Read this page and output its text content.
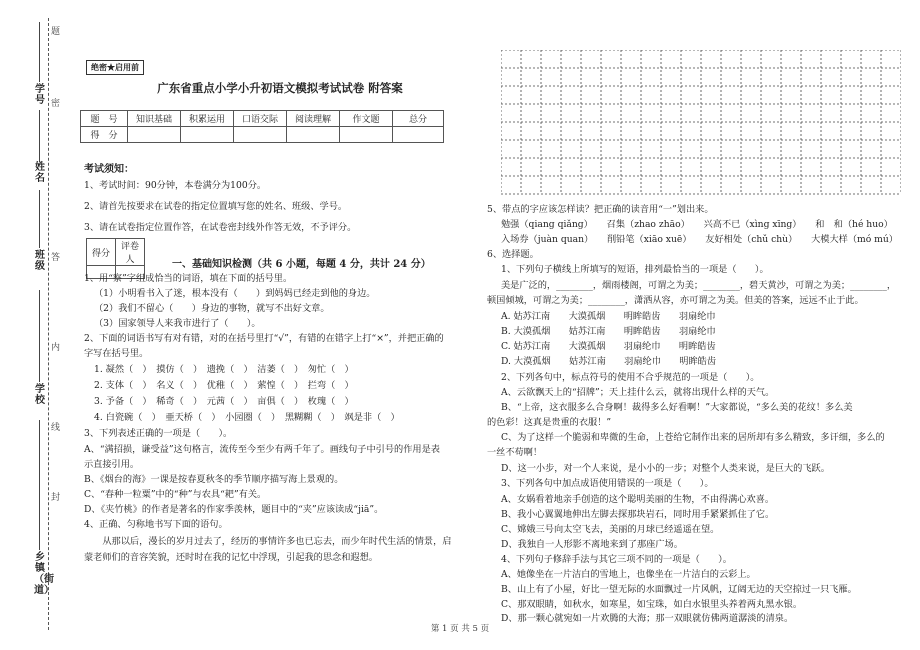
题
学号
姓名
班级
学校
乡镇（街道）
密
答
内
线
封
绝密★启用前
广东省重点小学小升初语文模拟考试试卷 附答案
题　号	知识基础	积累运用	口语交际	阅读理解	作文题	总分
得　分						
考试须知：
1、考试时间：90分钟，本卷满分为100分。
2、请首先按要求在试卷的指定位置填写您的姓名、班级、学号。
3、请在试卷指定位置作答，在试卷密封线外作答无效，不予评分。
得分	评卷人
		一、基础知识检测（共 6 小题，每题 4 分，共计 24 分）
1、用“察”字组成恰当的词语，填在下面的括号里。
（1）小明看书入了迷，根本没有（　　）到妈妈已经走到他的身边。
（2）我们不留心（　　）身边的事物，就写不出好文章。
（3）国家领导人来我市进行了（　　）。
2、下面的词语书写有对有错，对的在括号里打“√”，有错的在错字上打“×”，并把正确的
字写在括号里。
1. 凝然（　）　摸仿（　）　遗挽（　）　洁萎（　）　匆忙（　）
2. 支体（　）　名义（　）　优稚（　）　萦惶（　）　拦弯（　）
3. 予备（　）　稀奇（　）　元茜（　）　亩俱（　）　枚瑰（　）
4. 白瓷碗（　）　亜天桥（　）　小园圈（　）　黑糊糊（　）　飒是非（　）
3、下列表述正确的一项是（　　）。
A、“满招损，谦受益”这句格言，流传至今至少有两千年了。画线句子中引号的作用是表
示直接引用。
B、《烟台的海》一课是按春夏秋冬的季节顺序描写海上景观的。
C、“春种一粒粟”中的“种”与农具“耙”有关。
D、《夹竹桃》的作者是著名的作家季羡林，题目中的“夹”应该读成“jiā”。
4、正确、匀称地书写下面的语句。
　　从那以后，漫长的岁月过去了，经历的事情许多也已忘去，而少年时代生活的情景，启
蒙老师们的音容笑貌，还时时在我的记忆中浮现，引起我的思念和遐想。
5、带点的字应该怎样读？把正确的读音用“一”划出来。
勉强（qiang qiǎng）　　召集（zhao zhāo）　　兴高不已（xìng xīng）　　和　和（hé huo）
入场券（juàn quan）　　削铅笔（xiāo xuē）　　友好相处（chǔ chù）　　大模大样（mó mú）
6、选择题。
1、下列句子横线上所填写的短语，排列最恰当的一项是（　　）。
美是广泛的，________，烟雨楼阁，可谓之为美；________，碧天黄沙，可谓之为美；________，
顿国倾城，可谓之为美；________，潇洒从容，亦可谓之为美。但美的答案，远远不止于此。
A. 姑苏江南　　大漠孤烟　　明眸皓齿　　羽扇纶巾
B. 大漠孤烟　　姑苏江南　　明眸皓齿　　羽扇纶巾
C. 姑苏江南　　大漠孤烟　　羽扇纶巾　　明眸皓齿
D. 大漠孤烟　　姑苏江南　　羽扇纶巾　　明眸皓齿
2、下列各句中，标点符号的使用不合乎规范的一项是（　　）。
A、云欲飘天上的“招牌”；天上挂什么云，就将出现什么样的天气。
B、“上帝，这衣服多么合身啊！裁得多么好看啊！”大家都说，“多么美的花纹！多么美
的色彩！这真是贵重的衣服！”
C、为了这样一个脆弱和卑微的生命，上苍给它制作出来的居所却有多么精致，多讦细，多么的
一丝不苟啊！
D、这一小步，对一个人来说，是小小的一步；对整个人类来说，是巨大的飞跃。
3、下列各句中加点成语使用错误的一项是（　　）。
A、女娲看着地亲手创造的这个聪明美丽的生物，不由得满心欢喜。
B、我小心翼翼地伸出左脚去探那块岩石，同时用手紧紧抓住了它。
C、嫦娥三号向太空飞去，美丽的月球已经遥遥在望。
D、我独自一人形影不离地来到了那座广场。
4、下列句子修辞手法与其它三项不同的一项是（　　）。
A、她像坐在一片洁白的雪地上，也像坐在一片洁白的云彩上。
B、山上有了小屋，好比一望无际的水面飘过一片风帆，辽阔无边的天空掠过一只飞雁。
C、那双眼睛，如秋水，如寒星，如宝珠，如白水银里头养着两丸黑水银。
D、那一颗心就宛如一片欢腾的大海；那一双眼就仿佛两道潺淡的清泉。
第 1 页 共 5 页
